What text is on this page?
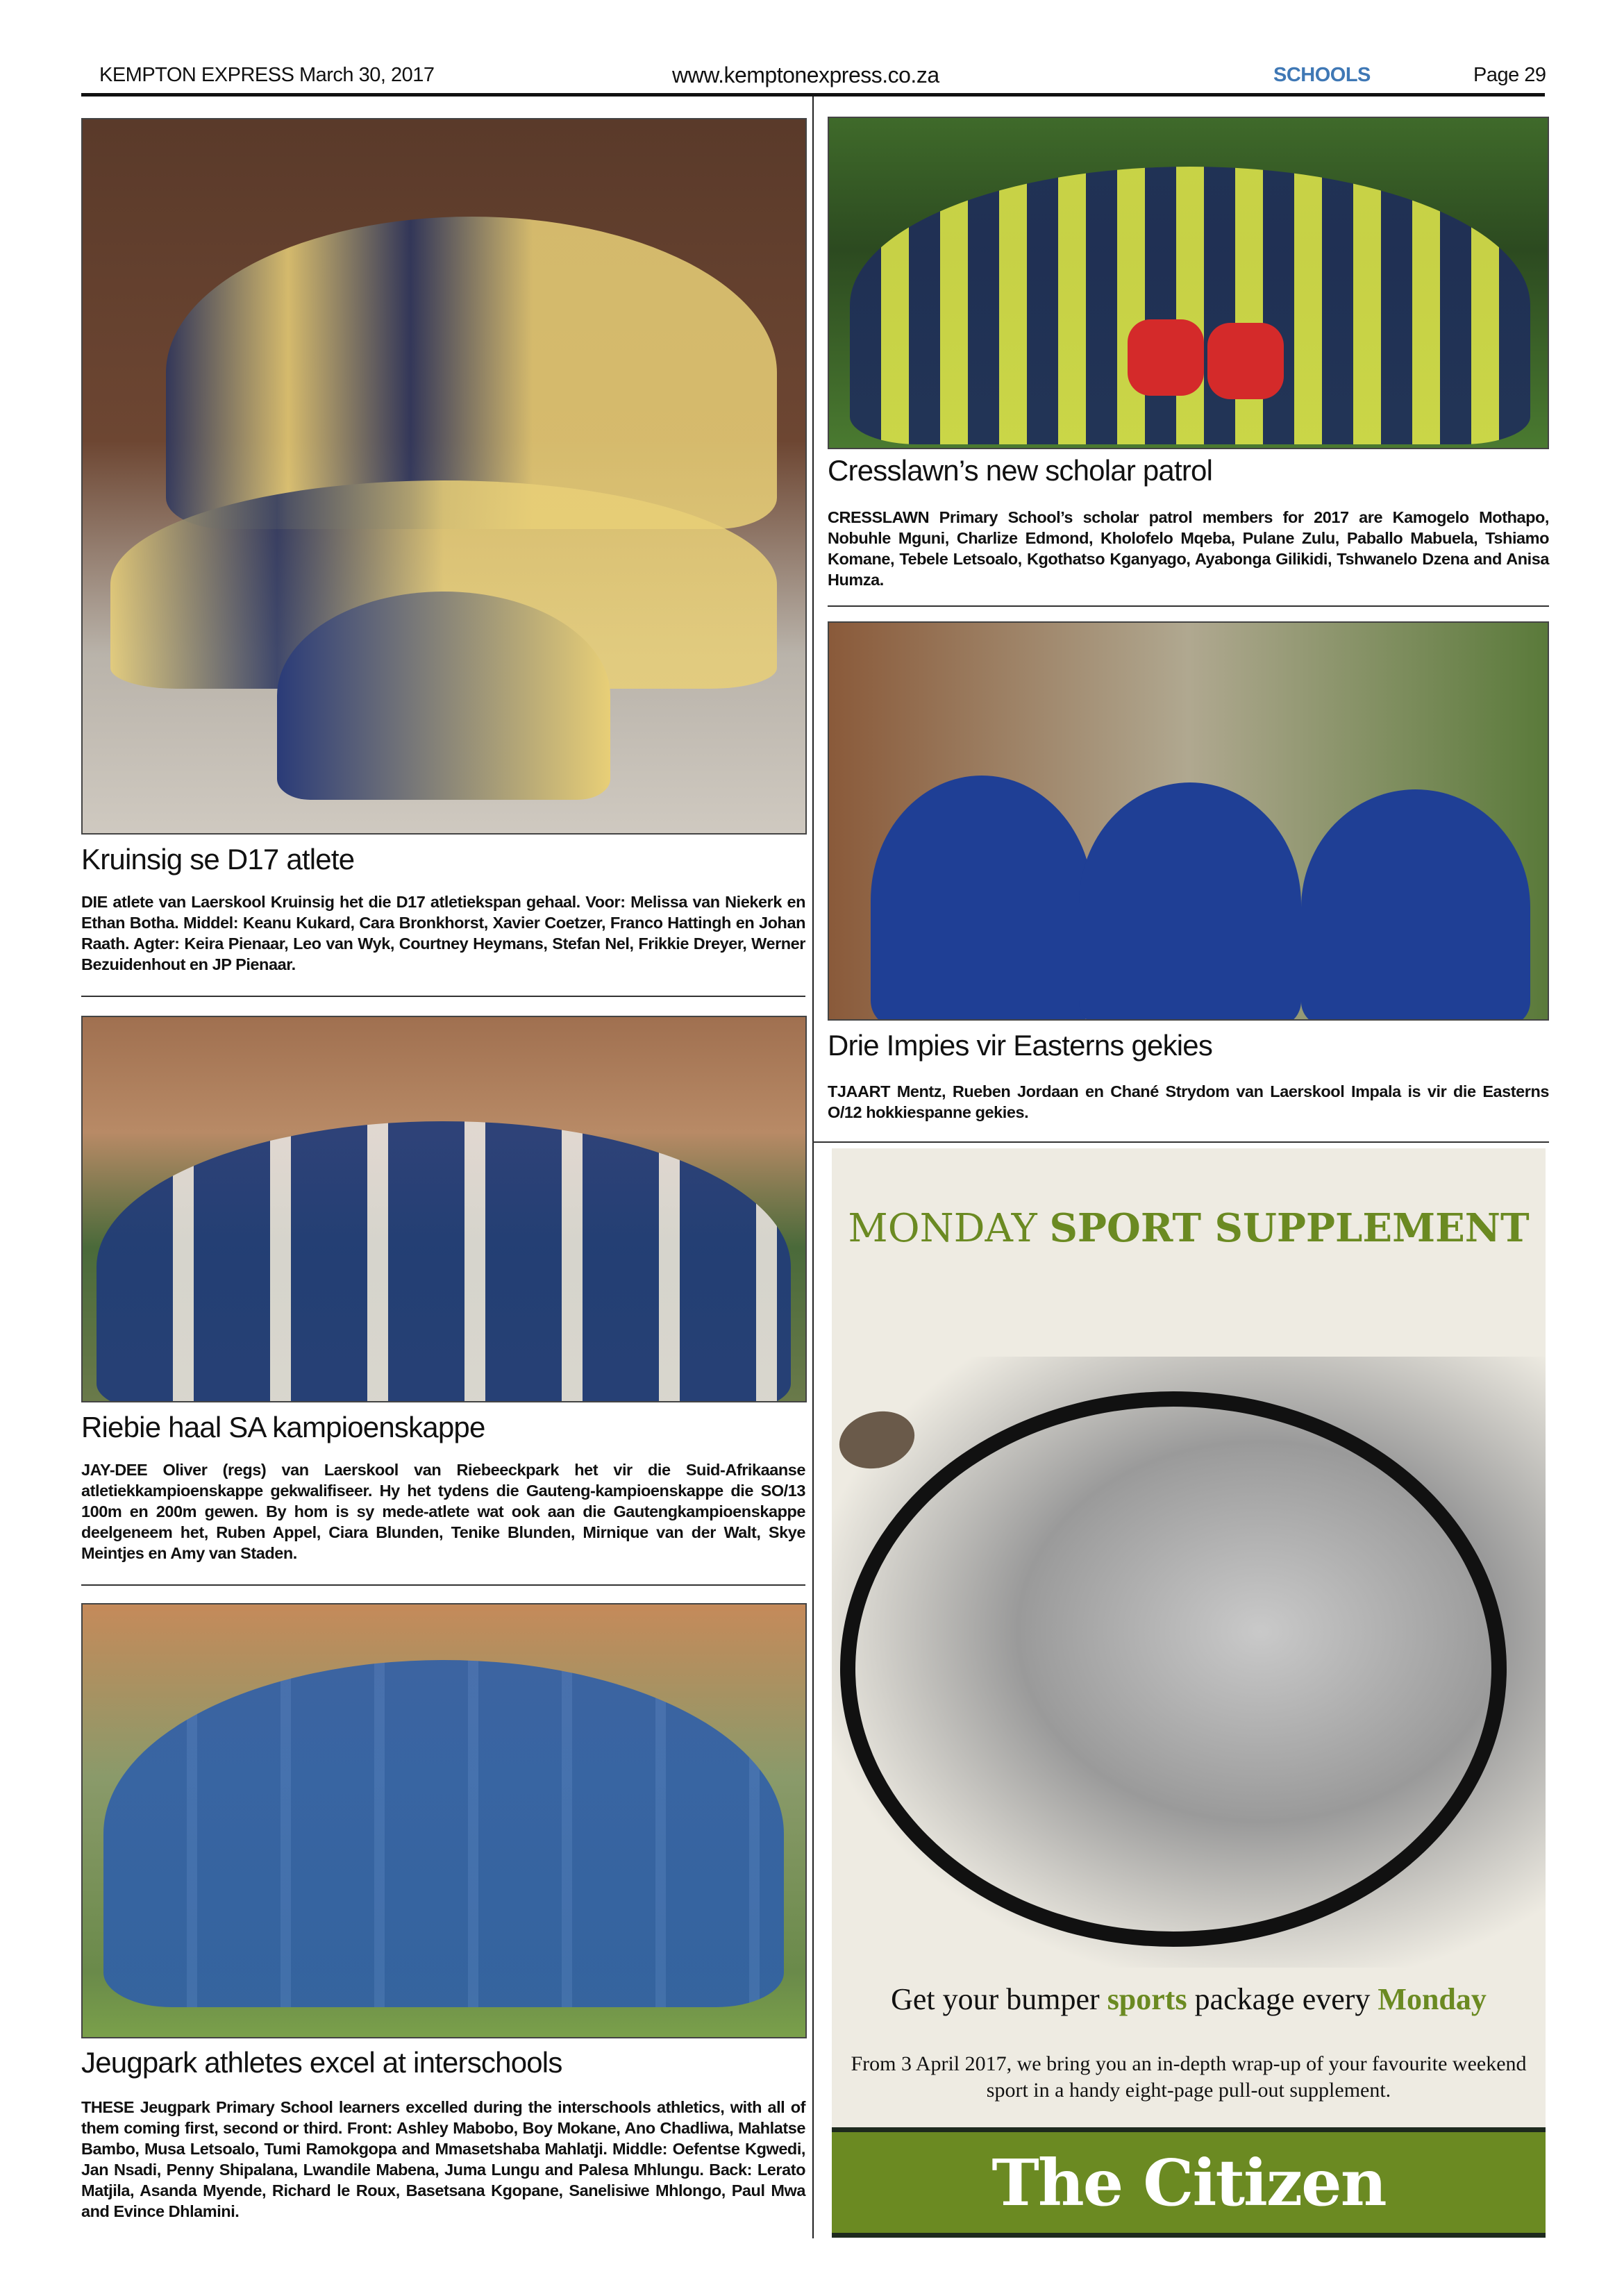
KEMPTON EXPRESS March 30, 2017	www.kemptonexpress.co.za	SCHOOLS	Page 29
Kruinsig se D17 atlete
DIE atlete van Laerskool Kruinsig het die D17 atletiekspan gehaal. Voor: Melissa van Niekerk en Ethan Botha. Middel: Keanu Kukard, Cara Bronkhorst, Xavier Coetzer, Franco Hattingh en Johan Raath. Agter: Keira Pienaar, Leo van Wyk, Courtney Heymans, Stefan Nel, Frikkie Dreyer, Werner Bezuidenhout en JP Pienaar.
Riebie haal SA kampioenskappe
JAY-DEE Oliver (regs) van Laerskool van Riebeeckpark het vir die Suid-Afrikaanse atletiekkampioenskappe gekwalifiseer. Hy het tydens die Gauteng-kampioenskappe die SO/13 100m en 200m gewen. By hom is sy mede-atlete wat ook aan die Gautengkampioenskappe deelgeneem het, Ruben Appel, Ciara Blunden, Tenike Blunden, Mirnique van der Walt, Skye Meintjes en Amy van Staden.
Jeugpark athletes excel at interschools
THESE Jeugpark Primary School learners excelled during the interschools athletics, with all of them coming first, second or third. Front: Ashley Mabobo, Boy Mokane, Ano Chadliwa, Mahlatse Bambo, Musa Letsoalo, Tumi Ramokgopa and Mmasetshaba Mahlatji. Middle: Oefentse Kgwedi, Jan Nsadi, Penny Shipalana, Lwandile Mabena, Juma Lungu and Palesa Mhlungu. Back: Lerato Matjila, Asanda Myende, Richard le Roux, Basetsana Kgopane, Sanelisiwe Mhlongo, Paul Mwa and Evince Dhlamini.
Cresslawn’s new scholar patrol
CRESSLAWN Primary School’s scholar patrol members for 2017 are Kamogelo Mothapo, Nobuhle Mguni, Charlize Edmond, Kholofelo Mqeba, Pulane Zulu, Paballo Mabuela, Tshiamo Komane, Tebele Letsoalo, Kgothatso Kganyago, Ayabonga Gilikidi, Tshwanelo Dzena and Anisa Humza.
Drie Impies vir Easterns gekies
TJAART Mentz, Rueben Jordaan en Chané Strydom van Laerskool Impala is vir die Easterns O/12 hokkiespanne gekies.
MONDAY SPORT SUPPLEMENT
Get your bumper sports package every Monday
From 3 April 2017, we bring you an in-depth wrap-up of your favourite weekend sport in a handy eight-page pull-out supplement.
The Citizen
